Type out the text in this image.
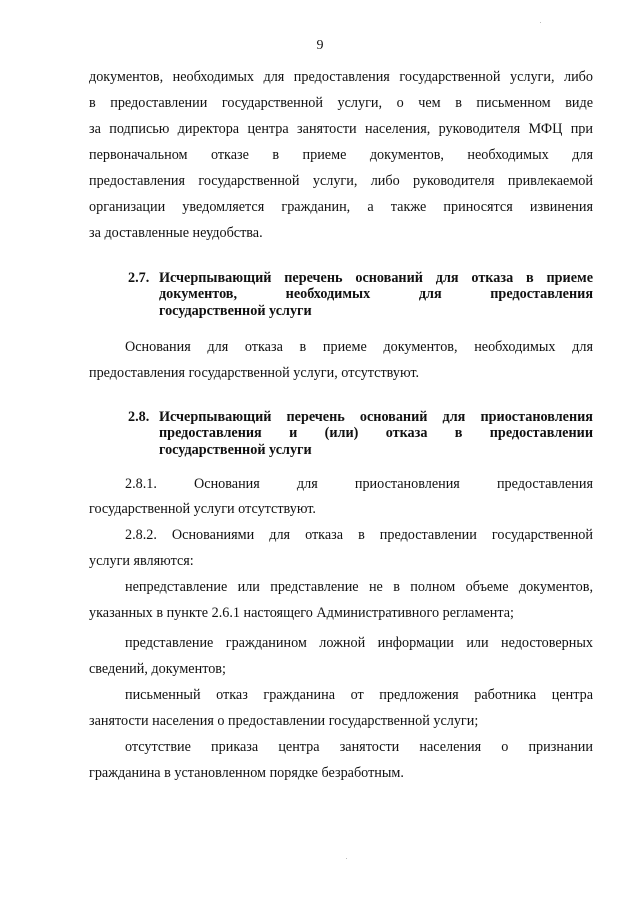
9

документов, необходимых для предоставления государственной услуги, либо

в предоставлении государственной услуги, о чем в письменном виде

за подписью директора центра занятости населения, руководителя МФЦ при

первоначальном отказе в приеме документов, необходимых для

предоставления государственной услуги, либо руководителя привлекаемой

организации уведомляется гражданин, а также приносятся извинения

за доставленные неудобства.

2.7. Исчерпывающий перечень оснований для отказа в приеме
документов, необходимых для предоставления
государственной услуги

Основания для отказа в приеме документов, необходимых для

предоставления государственной услуги, отсутствуют.

2.8. Исчерпывающий перечень оснований для приостановления
предоставления и (или) отказа в предоставлении
государственной услуги

2.8.1. Основания для приостановления предоставления

государственной услуги отсутствуют.

2.8.2. Основаниями для отказа в предоставлении государственной

услуги являются:

непредставление или представление не в полном объеме документов,

указанных в пункте 2.6.1 настоящего Административного регламента;

представление гражданином ложной информации или недостоверных

сведений, документов;

письменный отказ гражданина от предложения работника центра

занятости населения о предоставлении государственной услуги;

отсутствие приказа центра занятости населения о признании

гражданина в установленном порядке безработным.
